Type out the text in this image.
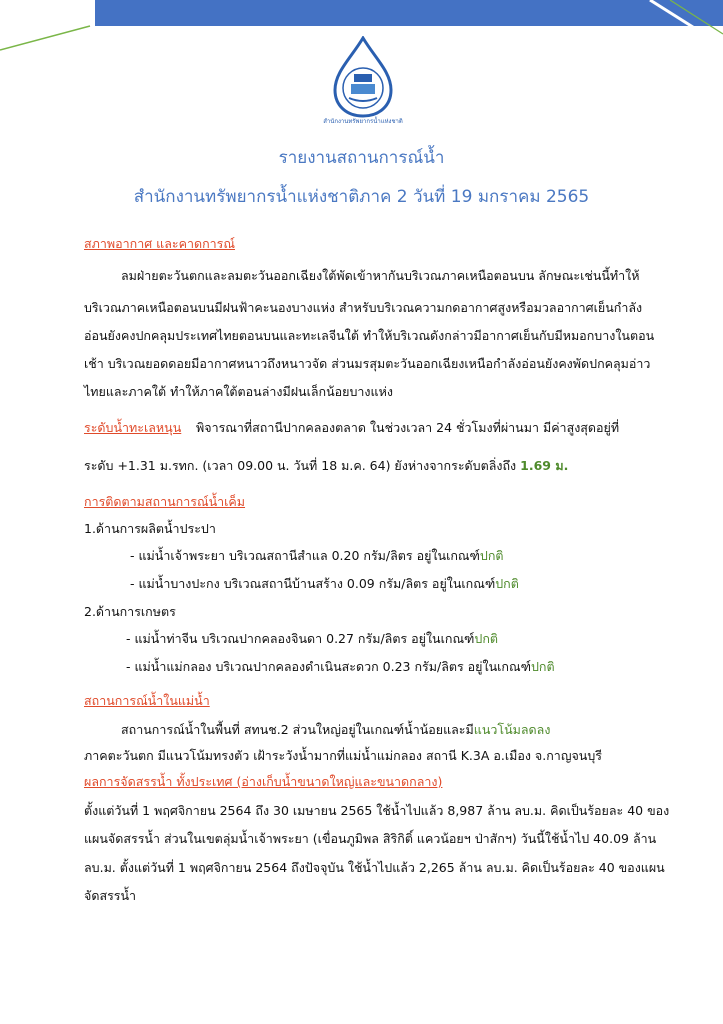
สำนักงานทรัพยากรน้ำแห่งชาติ
รายงานสถานการณ์น้ำ
สำนักงานทรัพยากรน้ำแห่งชาติภาค 2 วันที่ 19 มกราคม 2565
สภาพอากาศ และคาดการณ์
ลมฝ่ายตะวันตกและลมตะวันออกเฉียงใต้พัดเข้าหากันบริเวณภาคเหนือตอนบน ลักษณะเช่นนี้ทำให้
บริเวณภาคเหนือตอนบนมีฝนฟ้าคะนองบางแห่ง สำหรับบริเวณความกดอากาศสูงหรือมวลอากาศเย็นกำลัง
อ่อนยังคงปกคลุมประเทศไทยตอนบนและทะเลจีนใต้ ทำให้บริเวณดังกล่าวมีอากาศเย็นกับมีหมอกบางในตอน
เช้า บริเวณยอดดอยมีอากาศหนาวถึงหนาวจัด ส่วนมรสุมตะวันออกเฉียงเหนือกำลังอ่อนยังคงพัดปกคลุมอ่าว
ไทยและภาคใต้ ทำให้ภาคใต้ตอนล่างมีฝนเล็กน้อยบางแห่ง
ระดับน้ำทะเลหนุน พิจารณาที่สถานีปากคลองตลาด ในช่วงเวลา 24 ชั่วโมงที่ผ่านมา มีค่าสูงสุดอยู่ที่
ระดับ +1.31 ม.รทก. (เวลา 09.00 น. วันที่ 18 ม.ค. 64) ยังห่างจากระดับตลิ่งถึง 1.69 ม.
การติดตามสถานการณ์น้ำเค็ม
1.ด้านการผลิตน้ำประปา
- แม่น้ำเจ้าพระยา บริเวณสถานีสำแล 0.20 กรัม/ลิตร อยู่ในเกณฑ์ปกติ
- แม่น้ำบางปะกง บริเวณสถานีบ้านสร้าง 0.09 กรัม/ลิตร อยู่ในเกณฑ์ปกติ
2.ด้านการเกษตร
- แม่น้ำท่าจีน บริเวณปากคลองจินดา 0.27 กรัม/ลิตร อยู่ในเกณฑ์ปกติ
- แม่น้ำแม่กลอง บริเวณปากคลองดำเนินสะดวก 0.23 กรัม/ลิตร อยู่ในเกณฑ์ปกติ
สถานการณ์น้ำในแม่น้ำ
สถานการณ์น้ำในพื้นที่ สทนช.2 ส่วนใหญ่อยู่ในเกณฑ์น้ำน้อยและมีแนวโน้มลดลง
ภาคตะวันตก มีแนวโน้มทรงตัว เฝ้าระวังน้ำมากที่แม่น้ำแม่กลอง สถานี K.3A อ.เมือง จ.กาญจนบุรี
ผลการจัดสรรน้ำ ทั้งประเทศ (อ่างเก็บน้ำขนาดใหญ่และขนาดกลาง)
ตั้งแต่วันที่ 1 พฤศจิกายน 2564 ถึง 30 เมษายน 2565 ใช้น้ำไปแล้ว 8,987 ล้าน ลบ.ม. คิดเป็นร้อยละ 40 ของ
แผนจัดสรรน้ำ ส่วนในเขตลุ่มน้ำเจ้าพระยา (เขื่อนภูมิพล สิริกิติ์ แควน้อยฯ ป่าสักฯ) วันนี้ใช้น้ำไป 40.09 ล้าน
ลบ.ม. ตั้งแต่วันที่ 1 พฤศจิกายน 2564 ถึงปัจจุบัน ใช้น้ำไปแล้ว 2,265 ล้าน ลบ.ม. คิดเป็นร้อยละ 40 ของแผน
จัดสรรน้ำ
